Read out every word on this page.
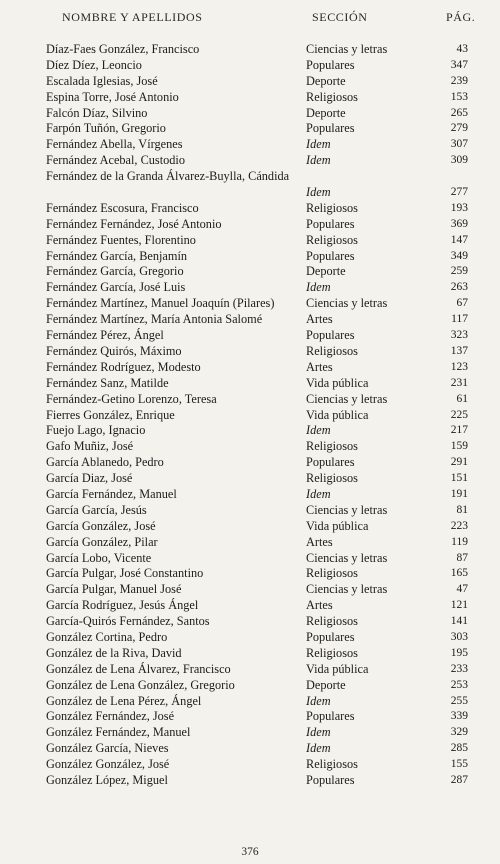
NOMBRE Y APELLIDOS	SECCIÓN	PÁG.
Díaz-Faes González, Francisco	Ciencias y letras	43
Díez Díez, Leoncio	Populares	347
Escalada Iglesias, José	Deporte	239
Espina Torre, José Antonio	Religiosos	153
Falcón Díaz, Silvino	Deporte	265
Farpón Tuñón, Gregorio	Populares	279
Fernández Abella, Vírgenes	Idem	307
Fernández Acebal, Custodio	Idem	309
Fernández de la Granda Álvarez-Buylla, Cándida
Idem	277
Fernández Escosura, Francisco	Religiosos	193
Fernández Fernández, José Antonio	Populares	369
Fernández Fuentes, Florentino	Religiosos	147
Fernández García, Benjamín	Populares	349
Fernández García, Gregorio	Deporte	259
Fernández García, José Luis	Idem	263
Fernández Martínez, Manuel Joaquín (Pilares)	Ciencias y letras	67
Fernández Martínez, María Antonia Salomé	Artes	117
Fernández Pérez, Ángel	Populares	323
Fernández Quirós, Máximo	Religiosos	137
Fernández Rodríguez, Modesto	Artes	123
Fernández Sanz, Matilde	Vida pública	231
Fernández-Getino Lorenzo, Teresa	Ciencias y letras	61
Fierres González, Enrique	Vida pública	225
Fuejo Lago, Ignacio	Idem	217
Gafo Muñiz, José	Religiosos	159
García Ablanedo, Pedro	Populares	291
García Diaz, José	Religiosos	151
García Fernández, Manuel	Idem	191
García García, Jesús	Ciencias y letras	81
García González, José	Vida pública	223
García González, Pilar	Artes	119
García Lobo, Vicente	Ciencias y letras	87
García Pulgar, José Constantino	Religiosos	165
García Pulgar, Manuel José	Ciencias y letras	47
García Rodríguez, Jesús Ángel	Artes	121
García-Quirós Fernández, Santos	Religiosos	141
González Cortina, Pedro	Populares	303
González de la Riva, David	Religiosos	195
González de Lena Álvarez, Francisco	Vida pública	233
González de Lena González, Gregorio	Deporte	253
González de Lena Pérez, Ángel	Idem	255
González Fernández, José	Populares	339
González Fernández, Manuel	Idem	329
González García, Nieves	Idem	285
González González, José	Religiosos	155
González López, Miguel	Populares	287
376
